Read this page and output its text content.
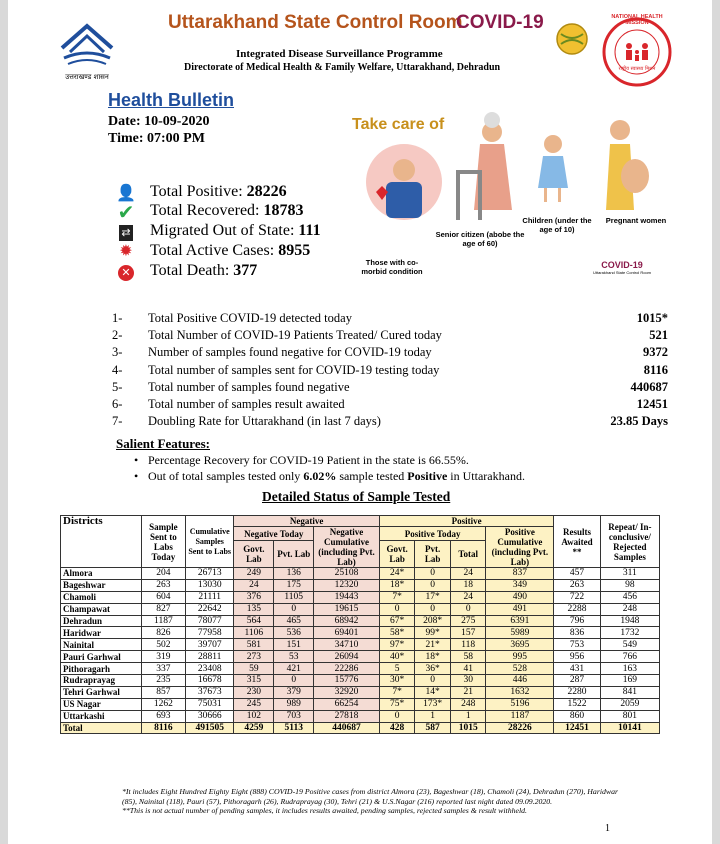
उत्तराखण्ड शासन
Uttarakhand State Control Room
COVID-19
Integrated Disease Surveillance Programme
Directorate of Medical Health & Family Welfare, Uttarakhand, Dehradun
NATIONAL HEALTH MISSION
राष्ट्रीय स्वास्थ्य मिशन
Health Bulletin
Date: 10-09-2020
Time: 07:00 PM
👤 Total Positive: 28226
✔ Total Recovered: 18783
⇄	Migrated Out of State: 111
✹ Total Active Cases: 8955
✕	Total Death: 377
Take care of
Senior citizen (abobe the age of 60)
Children (under the age of 10)
Pregnant women
Those with co-morbid condition
COVID-19
Uttarakhand State Control Room
1-	Total Positive COVID-19 detected today	1015*
2-	Total Number of COVID-19 Patients Treated/ Cured today	521
3-	Number of samples found negative for COVID-19 today	9372
4-	Total number of samples sent for COVID-19 testing today	8116
5-	Total number of samples found negative	440687
6-	Total number of samples result awaited	12451
7-	Doubling Rate for Uttarakhand (in last 7 days)	23.85 Days
Salient Features:
• Percentage Recovery for COVID-19 Patient in the state is 66.55%.
• Out of total samples tested only 6.02% sample tested Positive in Uttarakhand.
Detailed Status of Sample Tested
Districts	Sample Sent to Labs Today	Cumulative Samples Sent to Labs	Negative			Positive				Results Awaited **	Repeat/ In-conclusive/ Rejected Samples
			Negative Today		Negative Cumulative (including Pvt. Lab)	Positive Today			Positive Cumulative (including Pvt. Lab)		
			Govt. Lab	Pvt. Lab		Govt. Lab	Pvt. Lab	Total			
Almora	204	26713	249	136	25108	24*	0	24	837	457	311
Bageshwar	263	13030	24	175	12320	18*	0	18	349	263	98
Chamoli	604	21111	376	1105	19443	7*	17*	24	490	722	456
Champawat	827	22642	135	0	19615	0	0	0	491	2288	248
Dehradun	1187	78077	564	465	68942	67*	208*	275	6391	796	1948
Haridwar	826	77958	1106	536	69401	58*	99*	157	5989	836	1732
Nainital	502	39707	581	151	34710	97*	21*	118	3695	753	549
Pauri Garhwal	319	28811	273	53	26094	40*	18*	58	995	956	766
Pithoragarh	337	23408	59	421	22286	5	36*	41	528	431	163
Rudraprayag	235	16678	315	0	15776	30*	0	30	446	287	169
Tehri Garhwal	857	37673	230	379	32920	7*	14*	21	1632	2280	841
US Nagar	1262	75031	245	989	66254	75*	173*	248	5196	1522	2059
Uttarkashi	693	30666	102	703	27818	0	1	1	1187	860	801
Total	8116	491505	4259	5113	440687	428	587	1015	28226	12451	10141
*It includes Eight Hundred Eighty Eight (888) COVID-19 Positive cases from district Almora (23), Bageshwar (18), Chamoli (24), Dehradun (270), Haridwar (85), Nainital (118), Pauri (57), Pithoragarh (26), Rudraprayag (30), Tehri (21) & U.S.Nagar (216) reported last night dated 09.09.2020.
**This is not actual number of pending samples, it includes results awaited, pending samples, rejected samples & result withheld.
1
